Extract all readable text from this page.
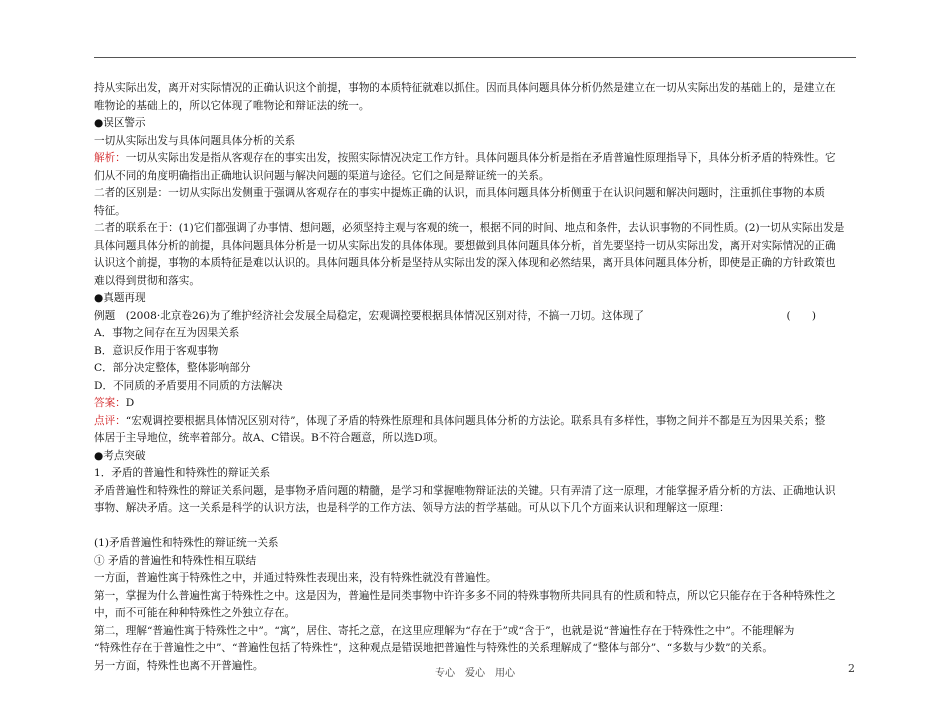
持从实际出发，离开对实际情况的正确认识这个前提，事物的本质特征就难以抓住。因而具体问题具体分析仍然是建立在一切从实际出发的基础上的，是建立在

唯物论的基础上的，所以它体现了唯物论和辩证法的统一。

●误区警示

一切从实际出发与具体问题具体分析的关系

解析：一切从实际出发是指从客观存在的事实出发，按照实际情况决定工作方针。具体问题具体分析是指在矛盾普遍性原理指导下，具体分析矛盾的特殊性。它

们从不同的角度明确指出正确地认识问题与解决问题的渠道与途径。它们之间是辩证统一的关系。

二者的区别是：一切从实际出发侧重于强调从客观存在的事实中提炼正确的认识，而具体问题具体分析侧重于在认识问题和解决问题时，注重抓住事物的本质

特征。

二者的联系在于：(1)它们都强调了办事情、想问题，必须坚持主观与客观的统一，根据不同的时间、地点和条件，去认识事物的不同性质。(2)一切从实际出发是

具体问题具体分析的前提，具体问题具体分析是一切从实际出发的具体体现。要想做到具体问题具体分析，首先要坚持一切从实际出发，离开对实际情况的正确

认识这个前提，事物的本质特征是难以认识的。具体问题具体分析是坚持从实际出发的深入体现和必然结果，离开具体问题具体分析，即使是正确的方针政策也

难以得到贯彻和落实。

●真题再现

例题　(2008·北京卷26)为了维护经济社会发展全局稳定，宏观调控要根据具体情况区别对待，不搞一刀切。这体现了	(　　)

A．事物之间存在互为因果关系

B．意识反作用于客观事物

C．部分决定整体，整体影响部分

D．不同质的矛盾要用不同质的方法解决

答案：D

点评：“宏观调控要根据具体情况区别对待”，体现了矛盾的特殊性原理和具体问题具体分析的方法论。联系具有多样性，事物之间并不都是互为因果关系；整

体居于主导地位，统率着部分。故A、C错误。B不符合题意，所以选D项。

●考点突破

1．矛盾的普遍性和特殊性的辩证关系

矛盾普遍性和特殊性的辩证关系问题，是事物矛盾问题的精髓，是学习和掌握唯物辩证法的关键。只有弄清了这一原理，才能掌握矛盾分析的方法、正确地认识

事物、解决矛盾。这一关系是科学的认识方法，也是科学的工作方法、领导方法的哲学基础。可从以下几个方面来认识和理解这一原理：

(1)矛盾普遍性和特殊性的辩证统一关系

① 矛盾的普遍性和特殊性相互联结

一方面，普遍性寓于特殊性之中，并通过特殊性表现出来，没有特殊性就没有普遍性。

第一，掌握为什么普遍性寓于特殊性之中。这是因为，普遍性是同类事物中许许多多不同的特殊事物所共同具有的性质和特点，所以它只能存在于各种特殊性之

中，而不可能在种种特殊性之外独立存在。

第二，理解“普遍性寓于特殊性之中”。“寓”，居住、寄托之意，在这里应理解为“存在于”或“含于”，也就是说“普遍性存在于特殊性之中”。不能理解为

“特殊性存在于普遍性之中”、“普遍性包括了特殊性”，这种观点是错误地把普遍性与特殊性的关系理解成了“整体与部分”、“多数与少数”的关系。

另一方面，特殊性也离不开普遍性。

专心　爱心　用心	2
